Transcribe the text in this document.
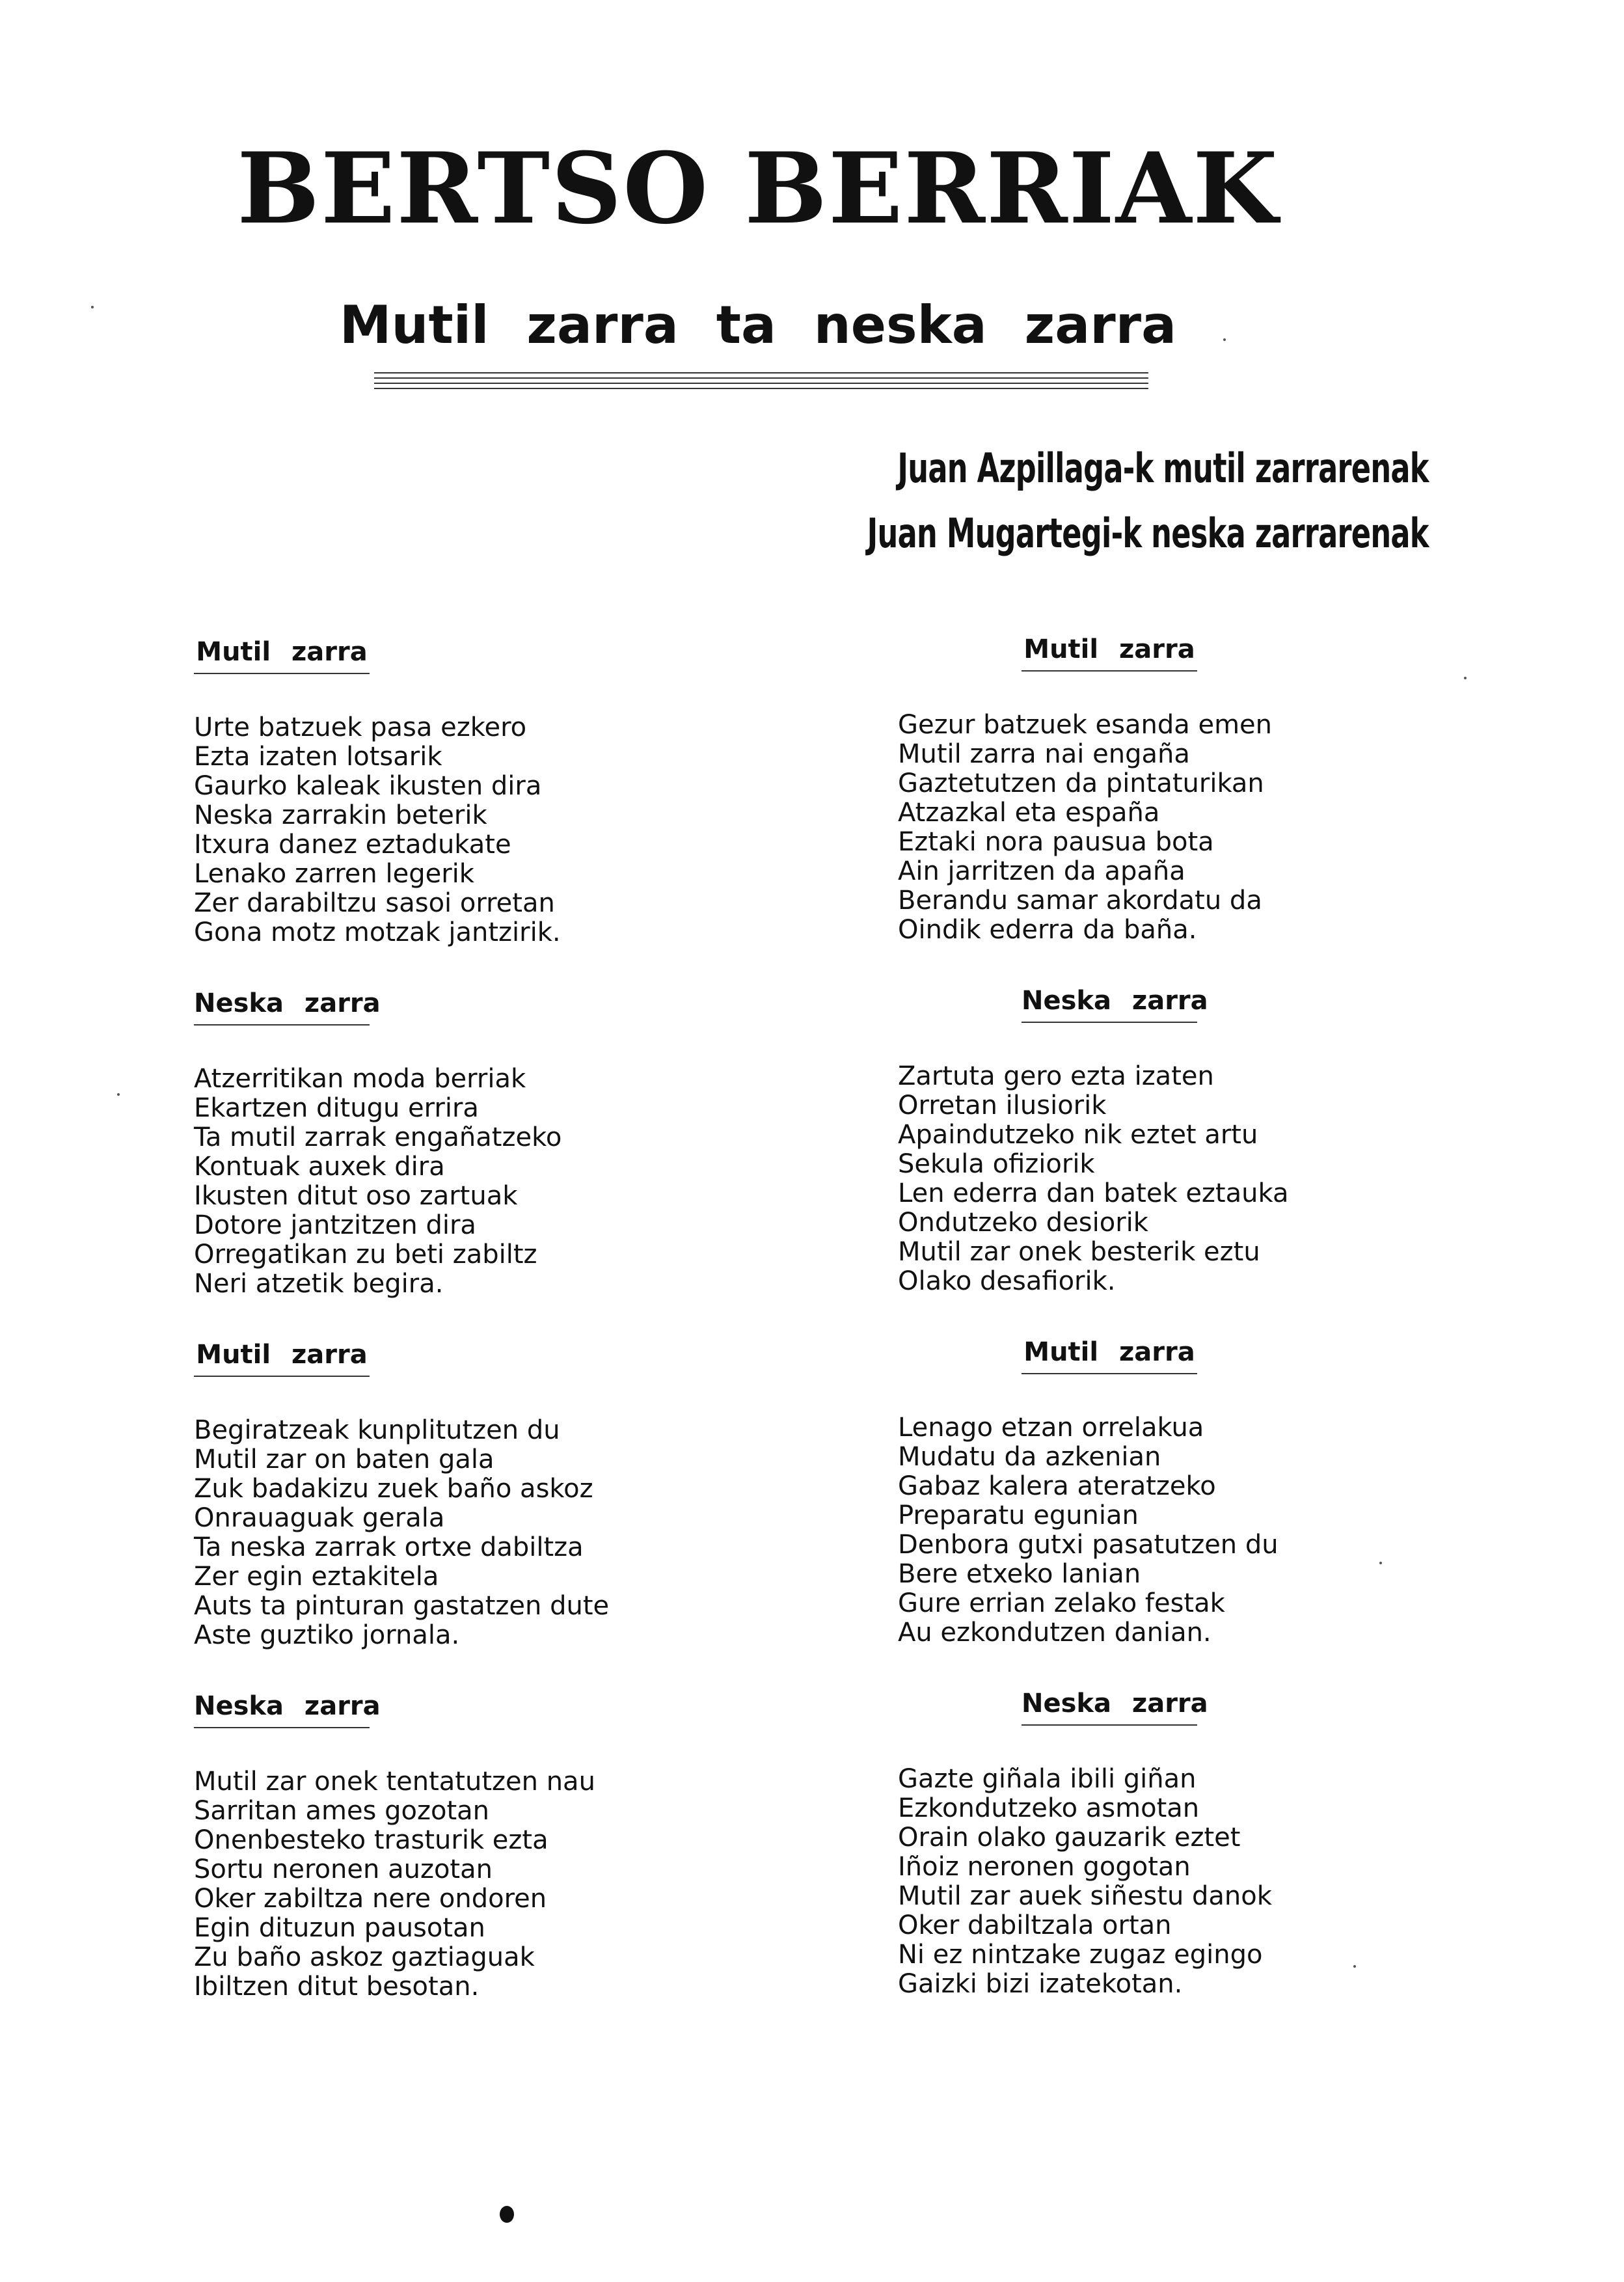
BERTSO BERRIAK
Mutil zarra ta neska zarra
Juan Azpillaga-k mutil zarrarenak
Juan Mugartegi-k neska zarrarenak
Mutil zarra
Urte batzuek pasa ezkero
Ezta izaten lotsarik
Gaurko kaleak ikusten dira
Neska zarrakin beterik
Itxura danez eztadukate
Lenako zarren legerik
Zer darabiltzu sasoi orretan
Gona motz motzak jantzirik.
Neska zarra
Atzerritikan moda berriak
Ekartzen ditugu errira
Ta mutil zarrak engañatzeko
Kontuak auxek dira
Ikusten ditut oso zartuak
Dotore jantzitzen dira
Orregatikan zu beti zabiltz
Neri atzetik begira.
Mutil zarra
Begiratzeak kunplitutzen du
Mutil zar on baten gala
Zuk badakizu zuek baño askoz
Onrauaguak gerala
Ta neska zarrak ortxe dabiltza
Zer egin eztakitela
Auts ta pinturan gastatzen dute
Aste guztiko jornala.
Neska zarra
Mutil zar onek tentatutzen nau
Sarritan ames gozotan
Onenbesteko trasturik ezta
Sortu neronen auzotan
Oker zabiltza nere ondoren
Egin dituzun pausotan
Zu baño askoz gaztiaguak
Ibiltzen ditut besotan.
Mutil zarra
Gezur batzuek esanda emen
Mutil zarra nai engaña
Gaztetutzen da pintaturikan
Atzazkal eta españa
Eztaki nora pausua bota
Ain jarritzen da apaña
Berandu samar akordatu da
Oindik ederra da baña.
Neska zarra
Zartuta gero ezta izaten
Orretan ilusiorik
Apaindutzeko nik eztet artu
Sekula ofiziorik
Len ederra dan batek eztauka
Ondutzeko desiorik
Mutil zar onek besterik eztu
Olako desafiorik.
Mutil zarra
Lenago etzan orrelakua
Mudatu da azkenian
Gabaz kalera ateratzeko
Preparatu egunian
Denbora gutxi pasatutzen du
Bere etxeko lanian
Gure errian zelako festak
Au ezkondutzen danian.
Neska zarra
Gazte giñala ibili giñan
Ezkondutzeko asmotan
Orain olako gauzarik eztet
Iñoiz neronen gogotan
Mutil zar auek siñestu danok
Oker dabiltzala ortan
Ni ez nintzake zugaz egingo
Gaizki bizi izatekotan.
